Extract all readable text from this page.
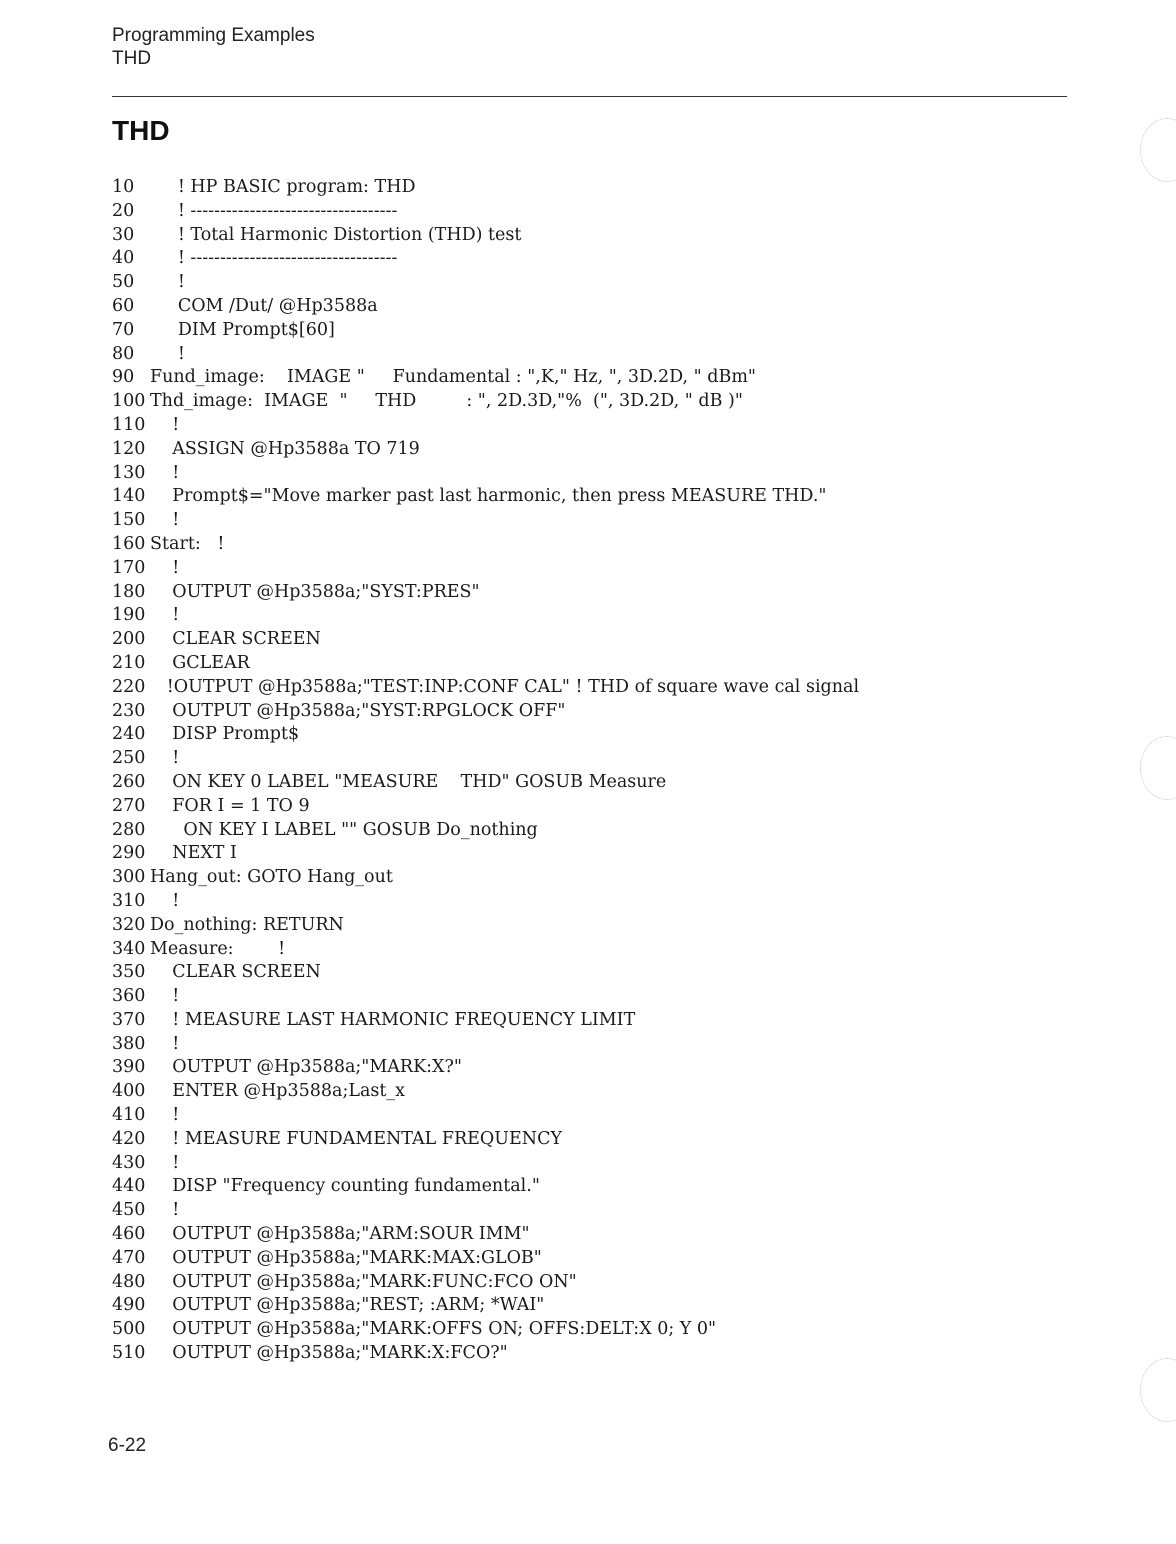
Programming Examples
THD
THD
10     ! HP BASIC program: THD
20     ! -----------------------------------
30     ! Total Harmonic Distortion (THD) test
40     ! -----------------------------------
50     !
60     COM /Dut/ @Hp3588a
70     DIM Prompt$[60]
80     !
90 Fund_image:    IMAGE "     Fundamental : ",K," Hz, ", 3D.2D, " dBm"
100 Thd_image:  IMAGE  "     THD         : ", 2D.3D,"%  (", 3D.2D, " dB )"
110    !
120    ASSIGN @Hp3588a TO 719
130    !
140    Prompt$="Move marker past last harmonic, then press MEASURE THD."
150    !
160 Start:   !
170    !
180    OUTPUT @Hp3588a;"SYST:PRES"
190    !
200    CLEAR SCREEN
210    GCLEAR
220   !OUTPUT @Hp3588a;"TEST:INP:CONF CAL" ! THD of square wave cal signal
230    OUTPUT @Hp3588a;"SYST:RPGLOCK OFF"
240    DISP Prompt$
250    !
260    ON KEY 0 LABEL "MEASURE    THD" GOSUB Measure
270    FOR I = 1 TO 9
280      ON KEY I LABEL "" GOSUB Do_nothing
290    NEXT I
300 Hang_out: GOTO Hang_out
310    !
320 Do_nothing: RETURN
340 Measure:        !
350    CLEAR SCREEN
360    !
370    ! MEASURE LAST HARMONIC FREQUENCY LIMIT
380    !
390    OUTPUT @Hp3588a;"MARK:X?"
400    ENTER @Hp3588a;Last_x
410    !
420    ! MEASURE FUNDAMENTAL FREQUENCY
430    !
440    DISP "Frequency counting fundamental."
450    !
460    OUTPUT @Hp3588a;"ARM:SOUR IMM"
470    OUTPUT @Hp3588a;"MARK:MAX:GLOB"
480    OUTPUT @Hp3588a;"MARK:FUNC:FCO ON"
490    OUTPUT @Hp3588a;"REST; :ARM; *WAI"
500    OUTPUT @Hp3588a;"MARK:OFFS ON; OFFS:DELT:X 0; Y 0"
510    OUTPUT @Hp3588a;"MARK:X:FCO?"
6-22
